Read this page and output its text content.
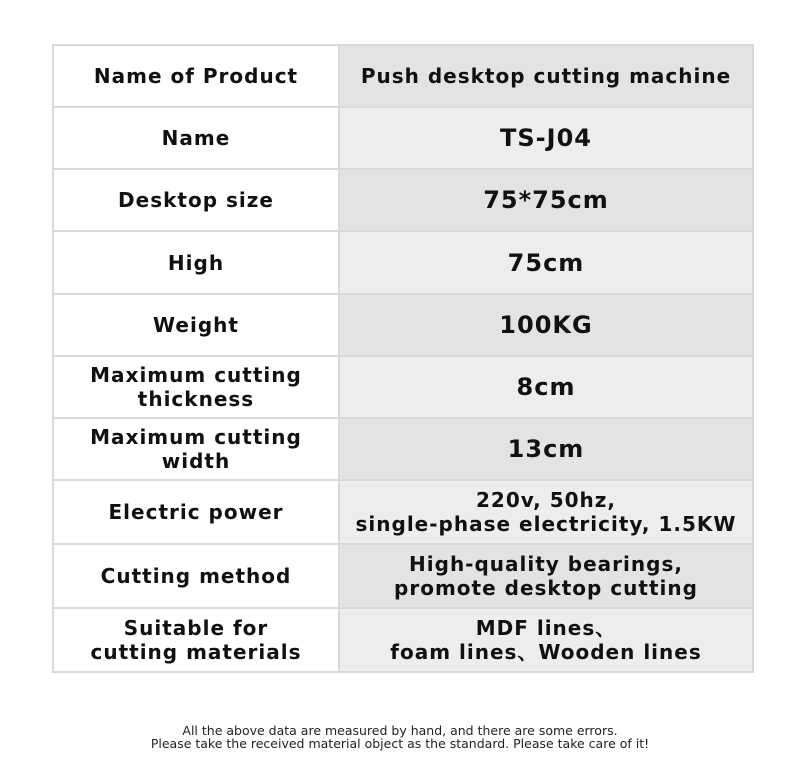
Name of Product	Push desktop cutting machine
Name	TS-J04
Desktop size	75*75cm
High	75cm
Weight	100KG
Maximum cutting
thickness	8cm
Maximum cutting
width	13cm
Electric power	220v, 50hz,
single-phase electricity, 1.5KW
Cutting method	High-quality bearings,
promote desktop cutting
Suitable for
cutting materials	MDF lines、
foam lines、Wooden lines
All the above data are measured by hand, and there are some errors.
Please take the received material object as the standard. Please take care of it!
